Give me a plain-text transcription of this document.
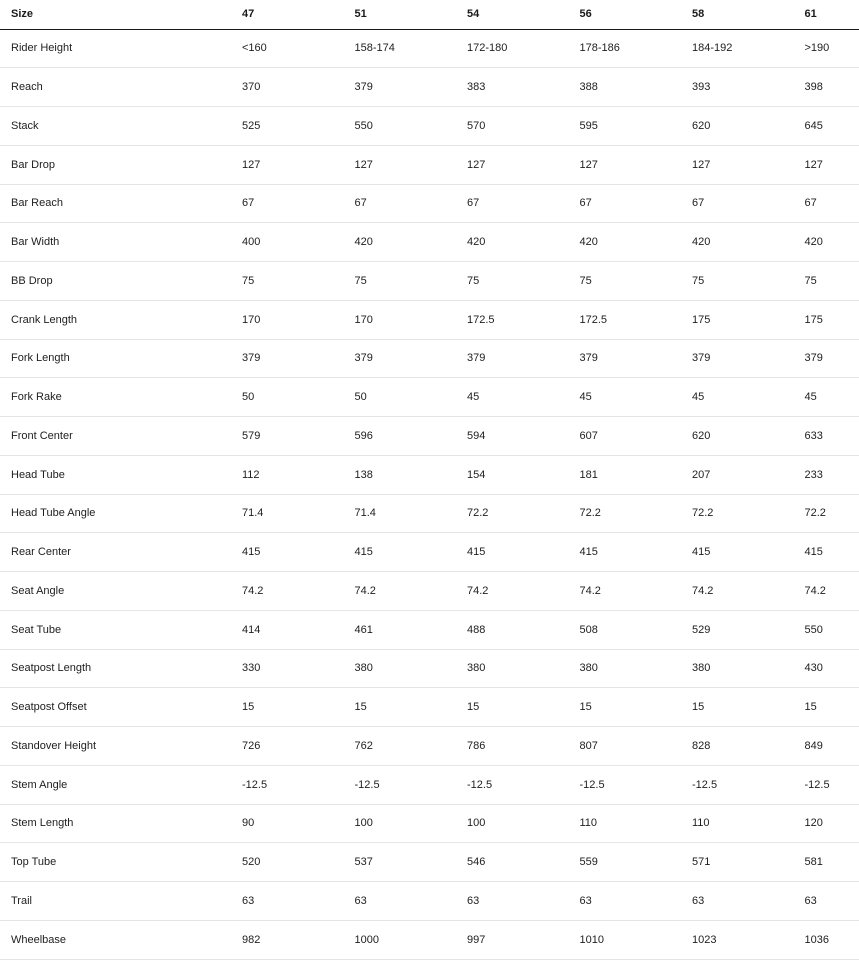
Size	47	51	54	56	58	61
Rider Height	<160	158-174	172-180	178-186	184-192	>190
Reach	370	379	383	388	393	398
Stack	525	550	570	595	620	645
Bar Drop	127	127	127	127	127	127
Bar Reach	67	67	67	67	67	67
Bar Width	400	420	420	420	420	420
BB Drop	75	75	75	75	75	75
Crank Length	170	170	172.5	172.5	175	175
Fork Length	379	379	379	379	379	379
Fork Rake	50	50	45	45	45	45
Front Center	579	596	594	607	620	633
Head Tube	112	138	154	181	207	233
Head Tube Angle	71.4	71.4	72.2	72.2	72.2	72.2
Rear Center	415	415	415	415	415	415
Seat Angle	74.2	74.2	74.2	74.2	74.2	74.2
Seat Tube	414	461	488	508	529	550
Seatpost Length	330	380	380	380	380	430
Seatpost Offset	15	15	15	15	15	15
Standover Height	726	762	786	807	828	849
Stem Angle	-12.5	-12.5	-12.5	-12.5	-12.5	-12.5
Stem Length	90	100	100	110	110	120
Top Tube	520	537	546	559	571	581
Trail	63	63	63	63	63	63
Wheelbase	982	1000	997	1010	1023	1036
